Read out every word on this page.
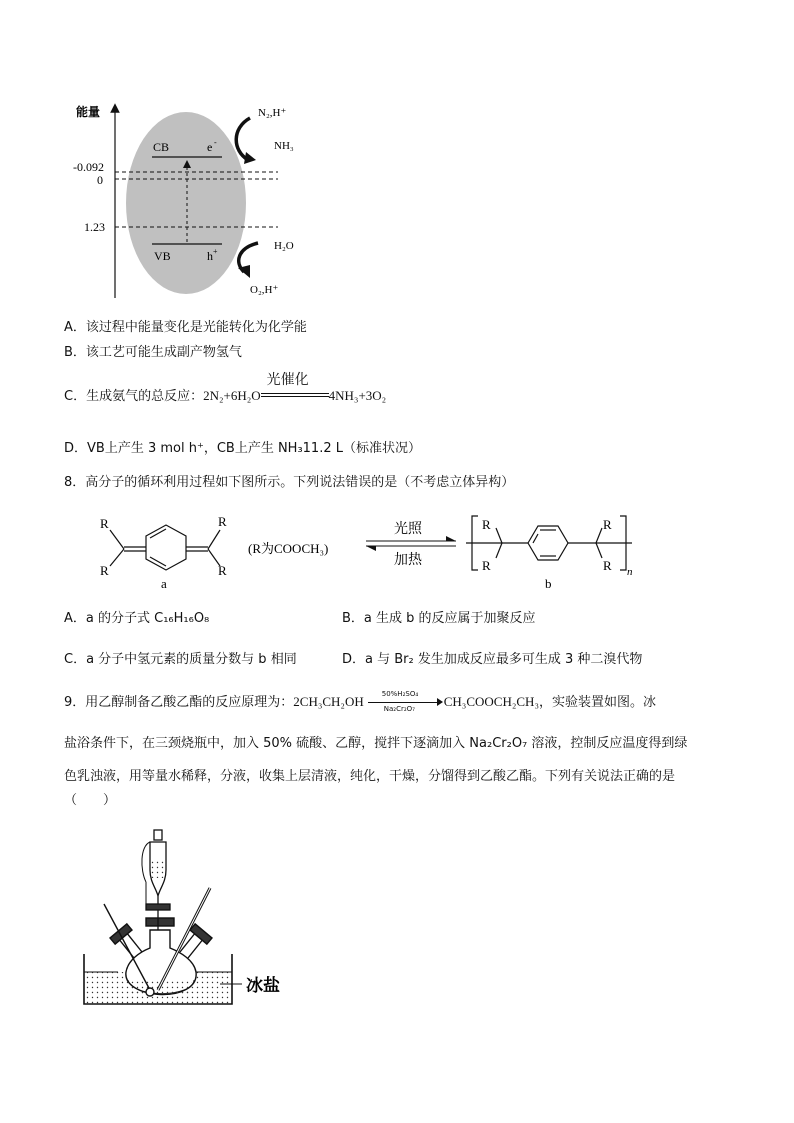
能量
-0.092
0
1.23
CB	e -
VB	h +
N₂,H⁺
NH₃
H₂O
O₂,H⁺
A．该过程中能量变化是光能转化为化学能
B．该工艺可能生成副产物氢气
C．生成氨气的总反应：2N₂+6H₂O
光催化
4NH₃+3O₂
D．VB上产生 3 mol h⁺，CB上产生 NH₃11.2 L（标准状况）
8．高分子的循环利用过程如下图所示。下列说法错误的是（不考虑立体异构）
R
R
R
R
a
(R为COOCH₃)
光照
加热
R
R
R
R n
b
A．a 的分子式 C₁₆H₁₆O₈	B．a 生成 b 的反应属于加聚反应
C．a 分子中氢元素的质量分数与 b 相同	D．a 与 Br₂ 发生加成反应最多可生成 3 种二溴代物
9．用乙醇制备乙酸乙酯的反应原理为：$2CH_3CH_2OH \frac{\text{50\%H₂SO₄}}{\text{Na₂Cr₂O₇}}$ CH₃COOCH₂CH₃，实验装置如图。冰
盐浴条件下，在三颈烧瓶中，加入 50% 硫酸、乙醇，搅拌下逐滴加入 Na₂Cr₂O₇ 溶液，控制反应温度得到绿
色乳浊液，用等量水稀释，分液，收集上层清液，纯化，干燥，分馏得到乙酸乙酯。下列有关说法正确的是
（　　）
冰盐
